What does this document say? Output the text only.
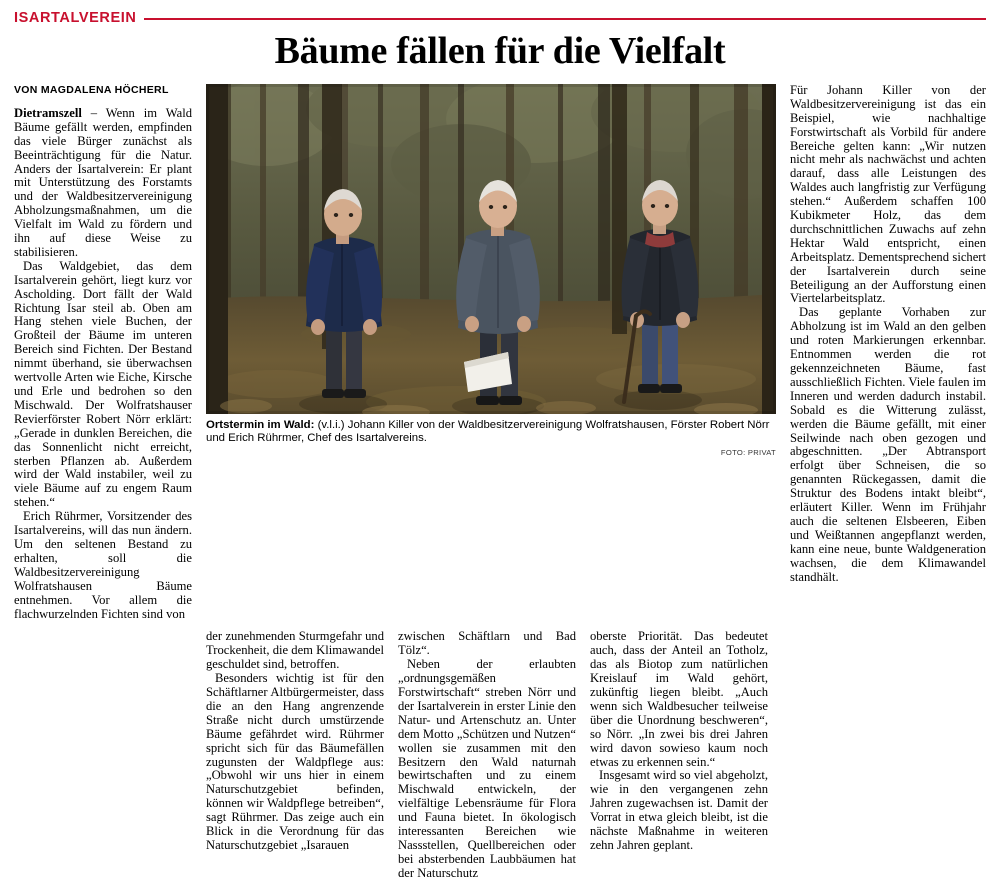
ISARTALVEREIN
Bäume fällen für die Vielfalt
VON MAGDALENA HÖCHERL

Dietramszell – Wenn im Wald Bäume gefällt werden, empfinden das viele Bürger zunächst als Beeinträchtigung für die Natur. Anders der Isartalverein: Er plant mit Unterstützung des Forstamts und der Waldbesitzervereinigung Abholzungsmaßnahmen, um die Vielfalt im Wald zu fördern und ihn auf diese Weise zu stabilisieren.

Das Waldgebiet, das dem Isartalverein gehört, liegt kurz vor Ascholding. Dort fällt der Wald Richtung Isar steil ab. Oben am Hang stehen viele Buchen, der Großteil der Bäume im unteren Bereich sind Fichten. Der Bestand nimmt überhand, sie überwachsen wertvolle Arten wie Eiche, Kirsche und Erle und bedrohen so den Mischwald. Der Wolfratshauser Revierförster Robert Nörr erklärt: „Gerade in dunklen Bereichen, die das Sonnenlicht nicht erreicht, sterben Pflanzen ab. Außerdem wird der Wald instabiler, weil zu viele Bäume auf zu engem Raum stehen.“

Erich Rührmer, Vorsitzender des Isartalvereins, will das nun ändern. Um den seltenen Bestand zu erhalten, soll die Waldbesitzervereinigung Wolfratshausen Bäume entnehmen. Vor allem die flachwurzelnden Fichten sind von

Ortstermin im Wald: (v.l.i.) Johann Killer von der Waldbesitzervereinigung Wolfratshausen, Förster Robert Nörr und Erich Rührmer, Chef des Isartalvereins.
FOTO: PRIVAT

Für Johann Killer von der Waldbesitzervereinigung ist das ein Beispiel, wie nachhaltige Forstwirtschaft als Vorbild für andere Bereiche gelten kann: „Wir nutzen nicht mehr als nachwächst und achten darauf, dass alle Leistungen des Waldes auch langfristig zur Verfügung stehen.“ Außerdem schaffen 100 Kubikmeter Holz, das dem durchschnittlichen Zuwachs auf zehn Hektar Wald entspricht, einen Arbeitsplatz. Dementsprechend sichert der Isartalverein durch seine Beteiligung an der Aufforstung einen Viertelarbeitsplatz.

Das geplante Vorhaben zur Abholzung ist im Wald an den gelben und roten Markierungen erkennbar. Entnommen werden die rot gekennzeichneten Bäume, fast ausschließlich Fichten. Viele faulen im Inneren und werden dadurch instabil. Sobald es die Witterung zulässt, werden die Bäume gefällt, mit einer Seilwinde nach oben gezogen und abgeschnitten. „Der Abtransport erfolgt über Schneisen, die so genannten Rückegassen, damit die Struktur des Bodens intakt bleibt“, erläutert Killer. Wenn im Frühjahr auch die seltenen Elsbeeren, Eiben und Weißtannen angepflanzt werden, kann eine neue, bunte Waldgeneration wachsen, die dem Klimawandel standhält.

der zunehmenden Sturmgefahr und Trockenheit, die dem Klimawandel geschuldet sind, betroffen.

Besonders wichtig ist für den Schäftlarner Altbürgermeister, dass die an den Hang angrenzende Straße nicht durch umstürzende Bäume gefährdet wird. Rührmer spricht sich für das Bäumefällen zugunsten der Waldpflege aus: „Obwohl wir uns hier in einem Naturschutzgebiet befinden, können wir Waldpflege betreiben“, sagt Rührmer. Das zeige auch ein Blick in die Verordnung für das Naturschutzgebiet „Isarauen

zwischen Schäftlarn und Bad Tölz“.

Neben der erlaubten „ordnungsgemäßen Forstwirtschaft“ streben Nörr und der Isartalverein in erster Linie den Natur- und Artenschutz an. Unter dem Motto „Schützen und Nutzen“ wollen sie zusammen mit den Besitzern den Wald naturnah bewirtschaften und zu einem Mischwald entwickeln, der vielfältige Lebensräume für Flora und Fauna bietet. In ökologisch interessanten Bereichen wie Nassstellen, Quellbereichen oder bei absterbenden Laubbäumen hat der Naturschutz

oberste Priorität. Das bedeutet auch, dass der Anteil an Totholz, das als Biotop zum natürlichen Kreislauf im Wald gehört, zukünftig liegen bleibt. „Auch wenn sich Waldbesucher teilweise über die Unordnung beschweren“, so Nörr. „In zwei bis drei Jahren wird davon sowieso kaum noch etwas zu erkennen sein.“

Insgesamt wird so viel abgeholzt, wie in den vergangenen zehn Jahren zugewachsen ist. Damit der Vorrat in etwa gleich bleibt, ist die nächste Maßnahme in weiteren zehn Jahren geplant.
